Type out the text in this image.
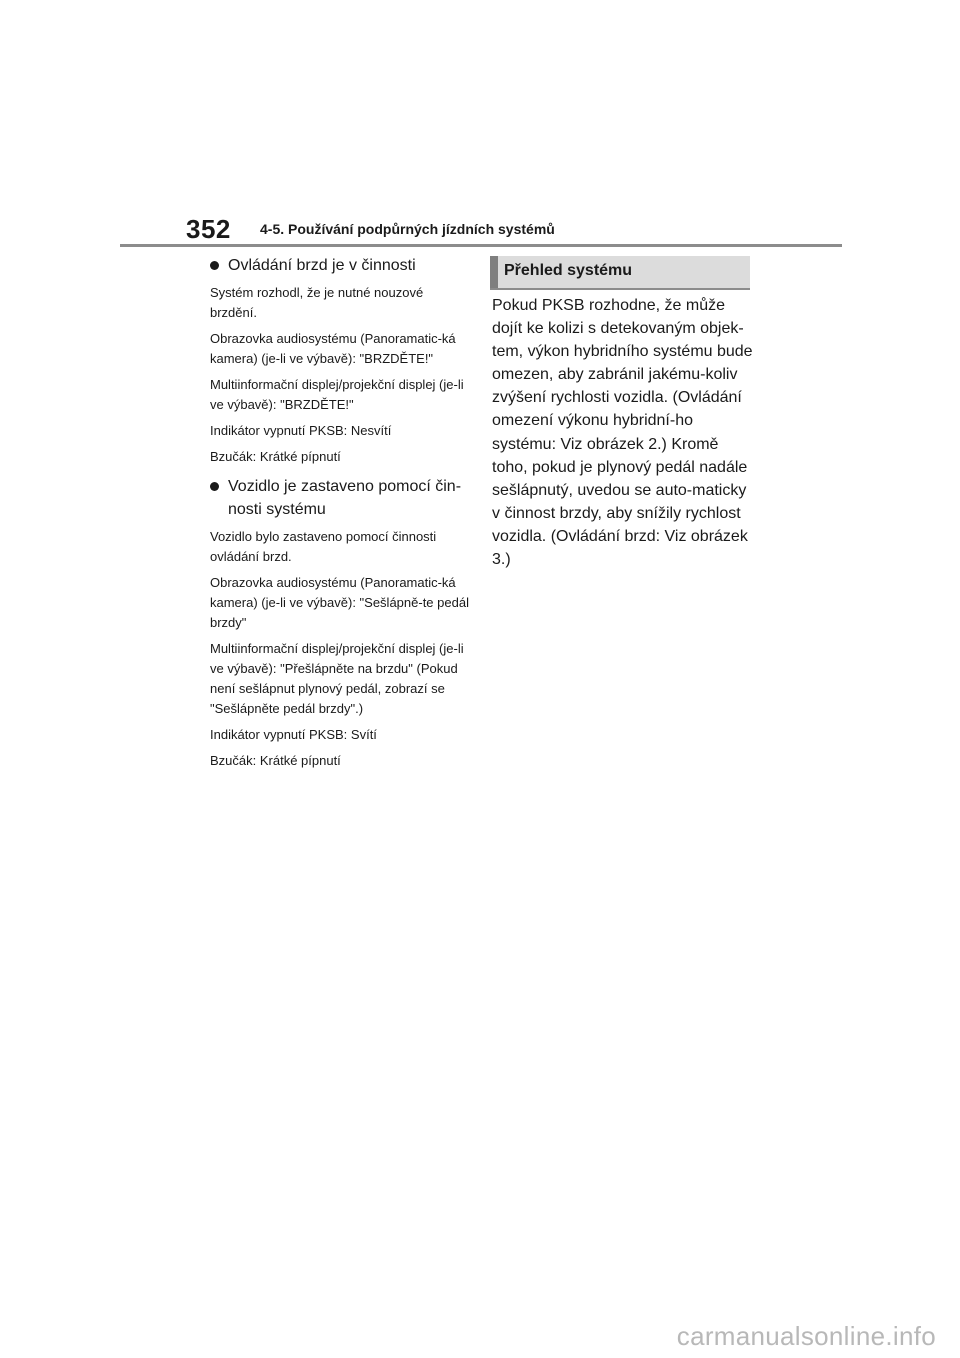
352 4-5. Používání podpůrných jízdních systémů
Ovládání brzd je v činnosti

Systém rozhodl, že je nutné nouzové brzdění.

Obrazovka audiosystému (Panoramatic-ká kamera) (je-li ve výbavě): "BRZDĚTE!"

Multiinformační displej/projekční displej (je-li ve výbavě): "BRZDĚTE!"

Indikátor vypnutí PKSB: Nesvítí

Bzučák: Krátké pípnutí

Vozidlo je zastaveno pomocí čin-nosti systému

Vozidlo bylo zastaveno pomocí činnosti ovládání brzd.

Obrazovka audiosystému (Panoramatic-ká kamera) (je-li ve výbavě): "Sešlápně-te pedál brzdy"

Multiinformační displej/projekční displej (je-li ve výbavě): "Přešlápněte na brzdu" (Pokud není sešlápnut plynový pedál, zobrazí se "Sešlápněte pedál brzdy".)

Indikátor vypnutí PKSB: Svítí

Bzučák: Krátké pípnutí

Přehled systému

Pokud PKSB rozhodne, že může dojít ke kolizi s detekovaným objek-tem, výkon hybridního systému bude omezen, aby zabránil jakému-koliv zvýšení rychlosti vozidla. (Ovládání omezení výkonu hybridní-ho systému: Viz obrázek 2.) Kromě toho, pokud je plynový pedál nadále sešlápnutý, uvedou se auto-maticky v činnost brzdy, aby snížily rychlost vozidla. (Ovládání brzd: Viz obrázek 3.)

carmanualsonline.info
